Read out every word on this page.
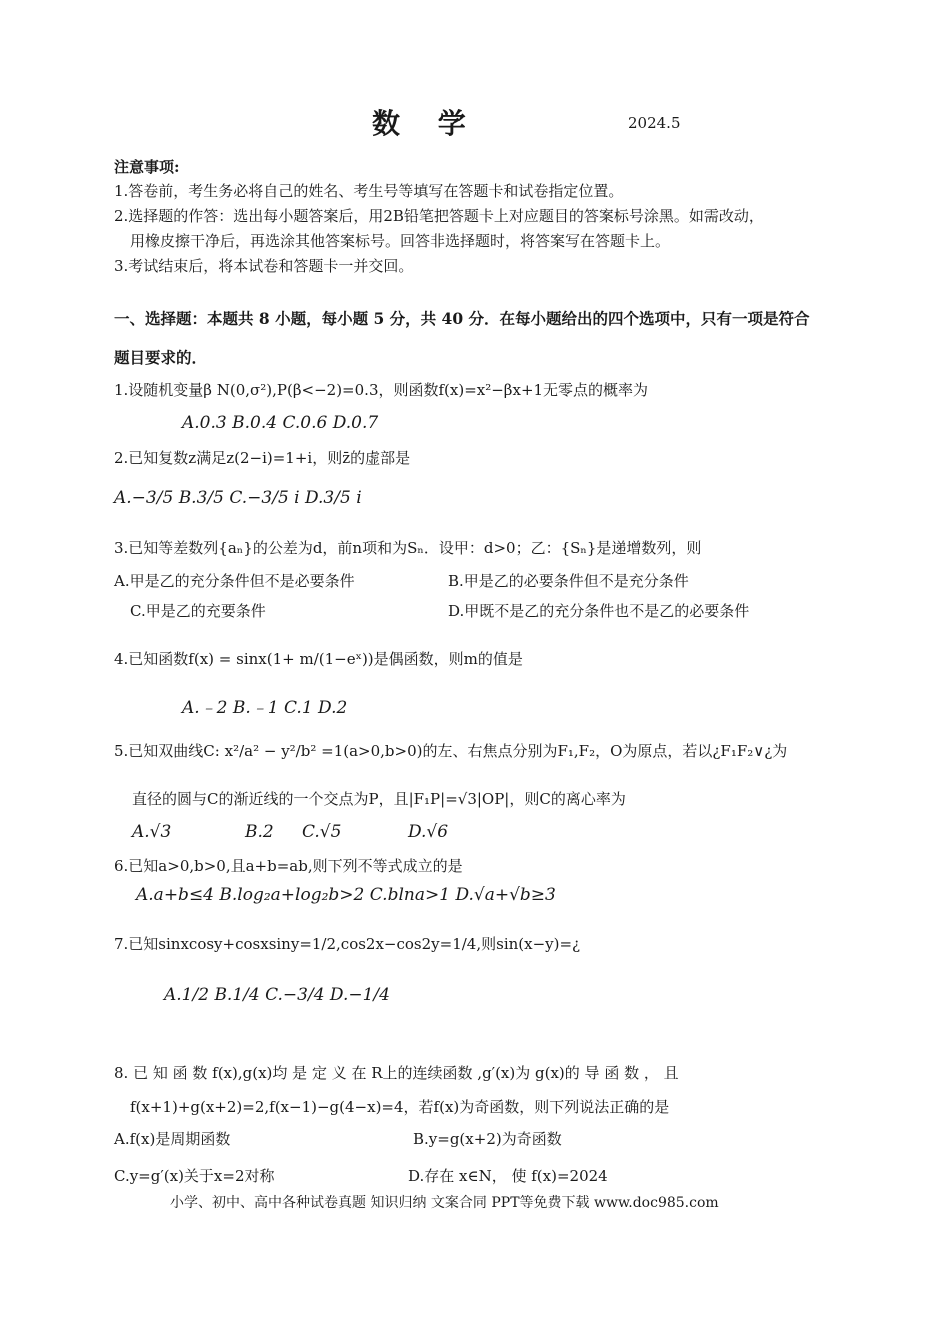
数 学	2024.5
注意事项:
1.答卷前，考生务必将自己的姓名、考生号等填写在答题卡和试卷指定位置。
2.选择题的作答：选出每小题答案后，用2B铅笔把答题卡上对应题目的答案标号涂黑。如需改动，
用橡皮擦干净后，再选涂其他答案标号。回答非选择题时，将答案写在答题卡上。
3.考试结束后，将本试卷和答题卡一并交回。
一、选择题：本题共 8 小题，每小题 5 分，共 40 分．在每小题给出的四个选项中，只有一项是符合
题目要求的．
1.设随机变量β N(0,σ²),P(β<−2)=0.3，则函数f(x)=x²−βx+1无零点的概率为
A.0.3 B.0.4 C.0.6 D.0.7
2.已知复数z满足z(2−i)=1+i，则z̄的虚部是
A.−3/5 B.3/5 C.−3/5 i D.3/5 i
3.已知等差数列{aₙ}的公差为d，前n项和为Sₙ．设甲：d>0；乙：{Sₙ}是递增数列，则
A.甲是乙的充分条件但不是必要条件	B.甲是乙的必要条件但不是充分条件
C.甲是乙的充要条件	D.甲既不是乙的充分条件也不是乙的必要条件
4.已知函数f(x) = sinx(1+ m/(1−eˣ))是偶函数，则m的值是
A.﹣2 B.﹣1 C.1 D.2
5.已知双曲线C: x²/a² − y²/b² =1(a>0,b>0)的左、右焦点分别为F₁,F₂，O为原点，若以¿F₁F₂∨¿为
直径的圆与C的渐近线的一个交点为P，且|F₁P|=√3|OP|，则C的离心率为
A.√3	B.2 C.√5	D.√6
6.已知a>0,b>0,且a+b=ab,则下列不等式成立的是
A.a+b≤4 B.log₂a+log₂b>2 C.blna>1 D.√a+√b≥3
7.已知sinxcosy+cosxsiny=1/2,cos2x−cos2y=1/4,则sin(x−y)=¿
A.1/2 B.1/4 C.−3/4 D.−1/4
8. 已 知 函 数 f(x),g(x)均 是 定 义 在 R上的连续函数 ,g′(x)为 g(x)的 导 函 数 ， 且
f(x+1)+g(x+2)=2,f(x−1)−g(4−x)=4，若f(x)为奇函数，则下列说法正确的是
A.f(x)是周期函数	B.y=g(x+2)为奇函数
C.y=g′(x)关于x=2对称	D.存在 x∈N， 使 f(x)=2024
小学、初中、高中各种试卷真题 知识归纳 文案合同 PPT等免费下载 www.doc985.com
